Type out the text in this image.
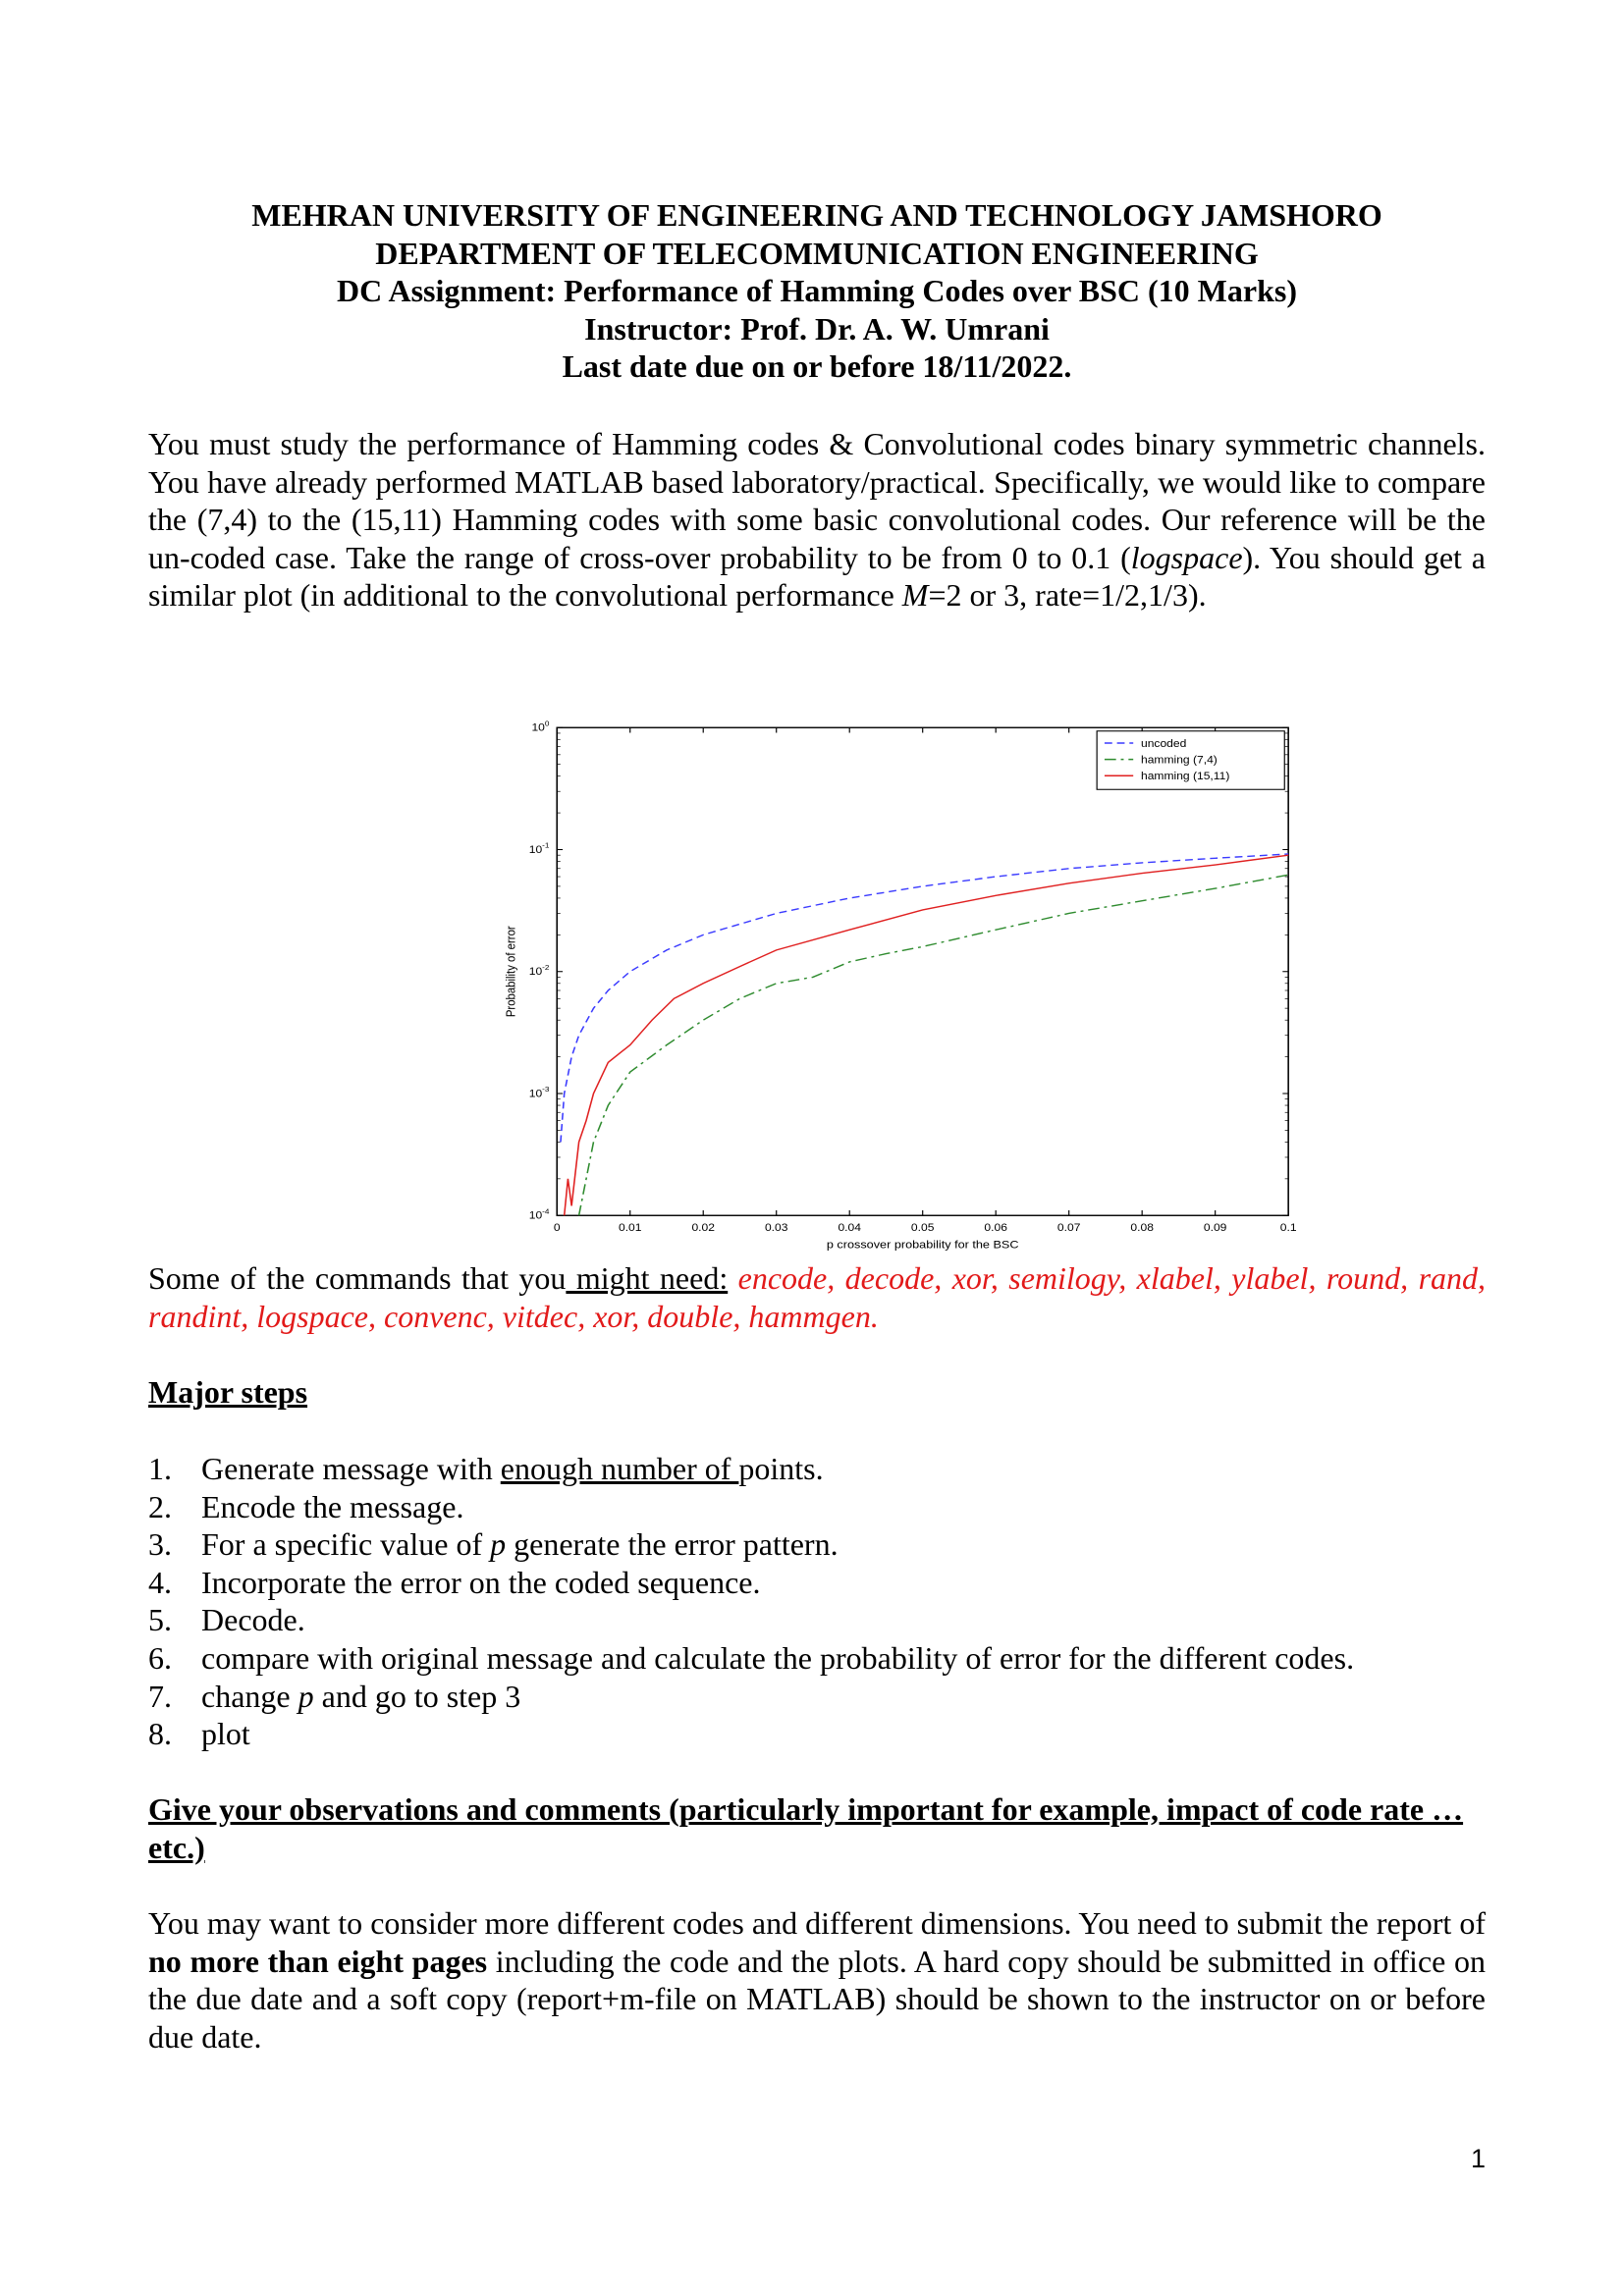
MEHRAN UNIVERSITY OF ENGINEERING AND TECHNOLOGY JAMSHORO
DEPARTMENT OF TELECOMMUNICATION ENGINEERING
DC Assignment: Performance of Hamming Codes over BSC (10 Marks)
Instructor: Prof. Dr. A. W. Umrani
Last date due on or before 18/11/2022.

You must study the performance of Hamming codes & Convolutional codes binary symmetric channels. You have already performed MATLAB based laboratory/practical. Specifically, we would like to compare the (7,4) to the (15,11) Hamming codes with some basic convolutional codes. Our reference will be the un-coded case. Take the range of cross-over probability to be from 0 to 0.1 (logspace). You should get a similar plot (in additional to the convolutional performance M=2 or 3, rate=1/2,1/3).

0	0.01	0.02	0.03	0.04	0.05	0.06	0.07	0.08	0.09	0.1
$10^0$
$10^{-1}$
$10^{-2}$
$10^{-3}$
$10^{-4}$
p crossover probability for the BSC
Probability of error
uncoded
hamming (7,4)
hamming (15,11)

Some of the commands that you might need: encode, decode, xor, semilogy, xlabel, ylabel, round, rand, randint, logspace, convenc, vitdec, xor, double, hammgen.

Major steps
1. Generate message with enough number of points.
2. Encode the message.
3. For a specific value of p generate the error pattern.
4. Incorporate the error on the coded sequence.
5. Decode.
6. compare with original message and calculate the probability of error for the different codes.
7. change p and go to step 3
8. plot
Give your observations and comments (particularly important for example, impact of code rate …etc.)

You may want to consider more different codes and different dimensions. You need to submit the report of no more than eight pages including the code and the plots. A hard copy should be submitted in office on the due date and a soft copy (report+m-file on MATLAB) should be shown to the instructor on or before due date.

1
